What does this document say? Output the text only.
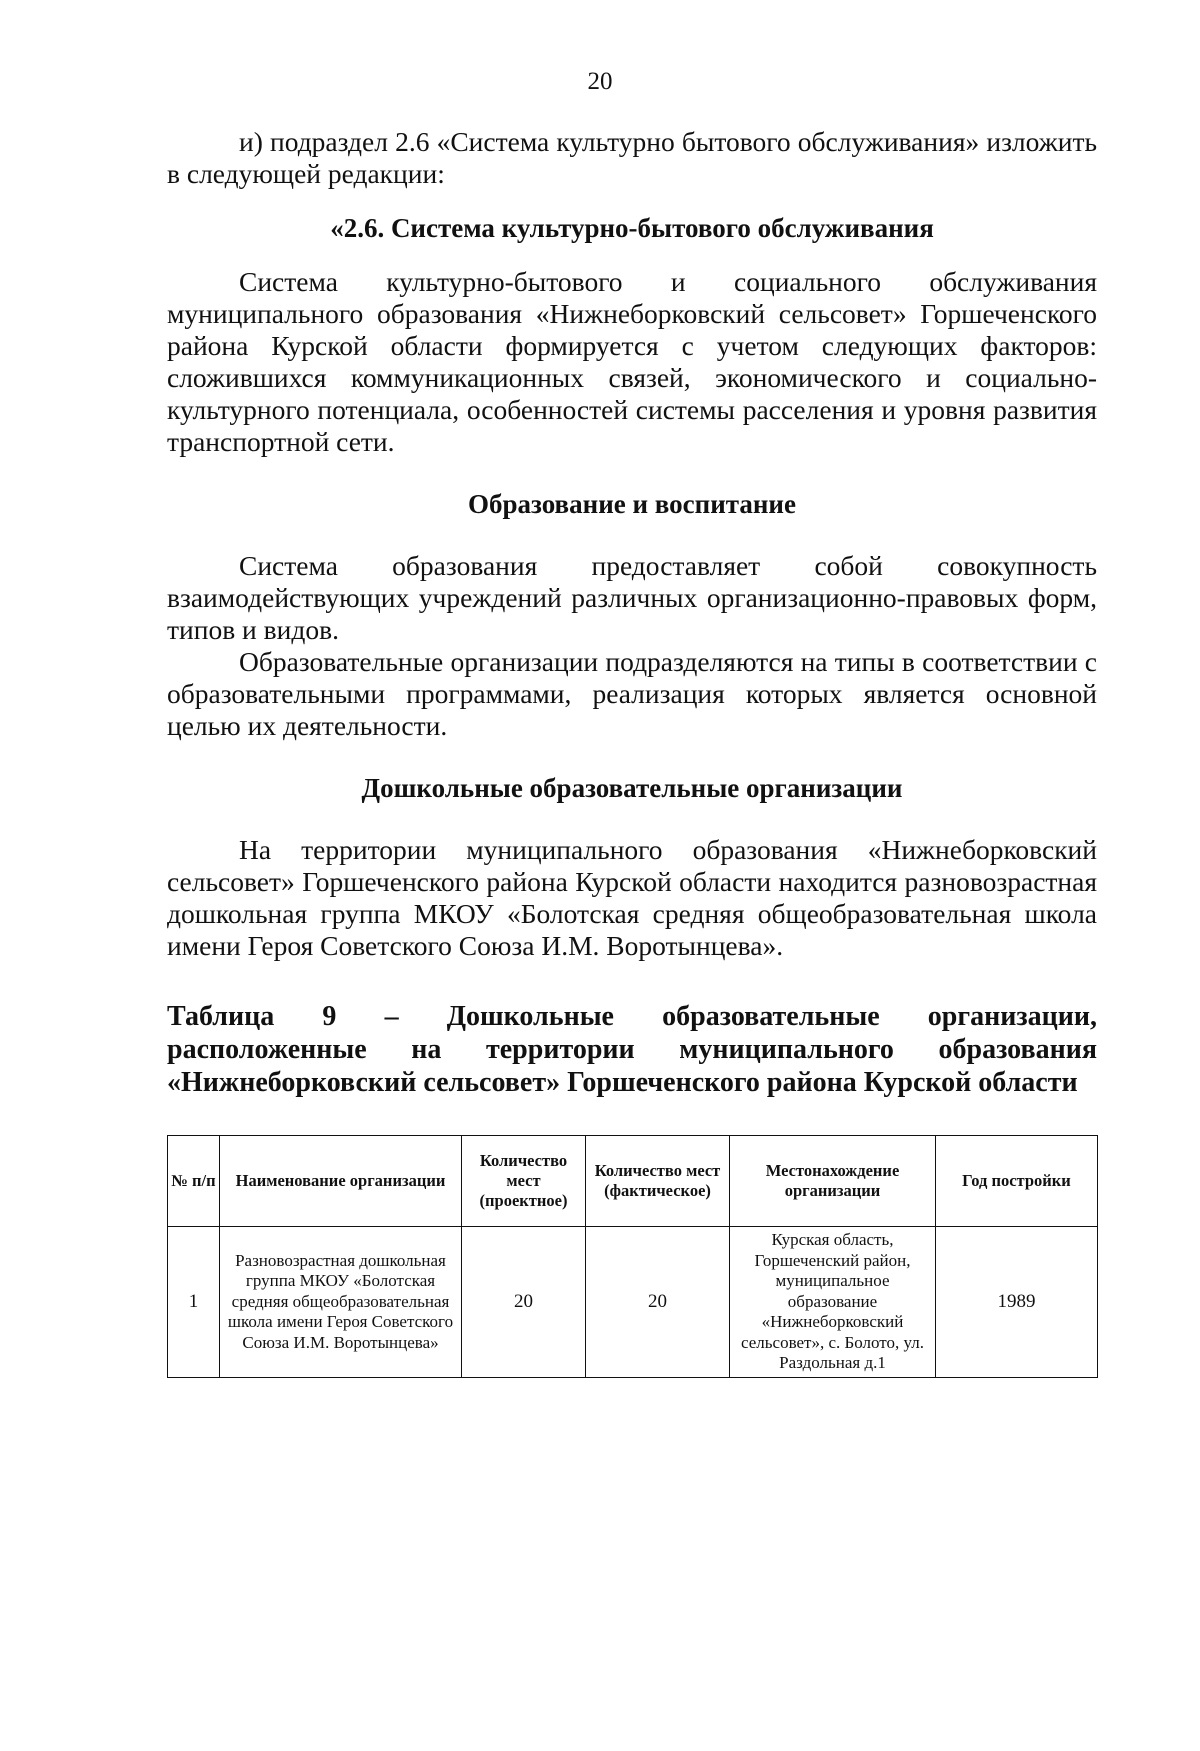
20

и) подраздел 2.6 «Система культурно бытового обслуживания» изложить в следующей редакции:

«2.6. Система культурно-бытового обслуживания

Система культурно-бытового и социального обслуживания муниципального образования «Нижнеборковский сельсовет» Горшеченского района Курской области формируется с учетом следующих факторов: сложившихся коммуникационных связей, экономического и социально-культурного потенциала, особенностей системы расселения и уровня развития транспортной сети.

Образование и воспитание

Система образования предоставляет собой совокупность взаимодействующих учреждений различных организационно-правовых форм, типов и видов.

Образовательные организации подразделяются на типы в соответствии с образовательными программами, реализация которых является основной целью их деятельности.

Дошкольные образовательные организации

На территории муниципального образования «Нижнеборковский сельсовет» Горшеченского района Курской области находится разновозрастная дошкольная группа МКОУ «Болотская средняя общеобразовательная школа имени Героя Советского Союза И.М. Воротынцева».

Таблица 9 – Дошкольные образовательные организации, расположенные на территории муниципального образования «Нижнеборковский сельсовет» Горшеченского района Курской области
№ п/п	Наименование организации	Количество мест (проектное)	Количество мест (фактическое)	Местонахождение организации	Год постройки
1	Разновозрастная дошкольная группа МКОУ «Болотская средняя общеобразовательная школа имени Героя Советского Союза И.М. Воротынцева»	20	20	Курская область, Горшеченский район, муниципальное образование «Нижнеборковский сельсовет», с. Болото, ул. Раздольная д.1	1989
